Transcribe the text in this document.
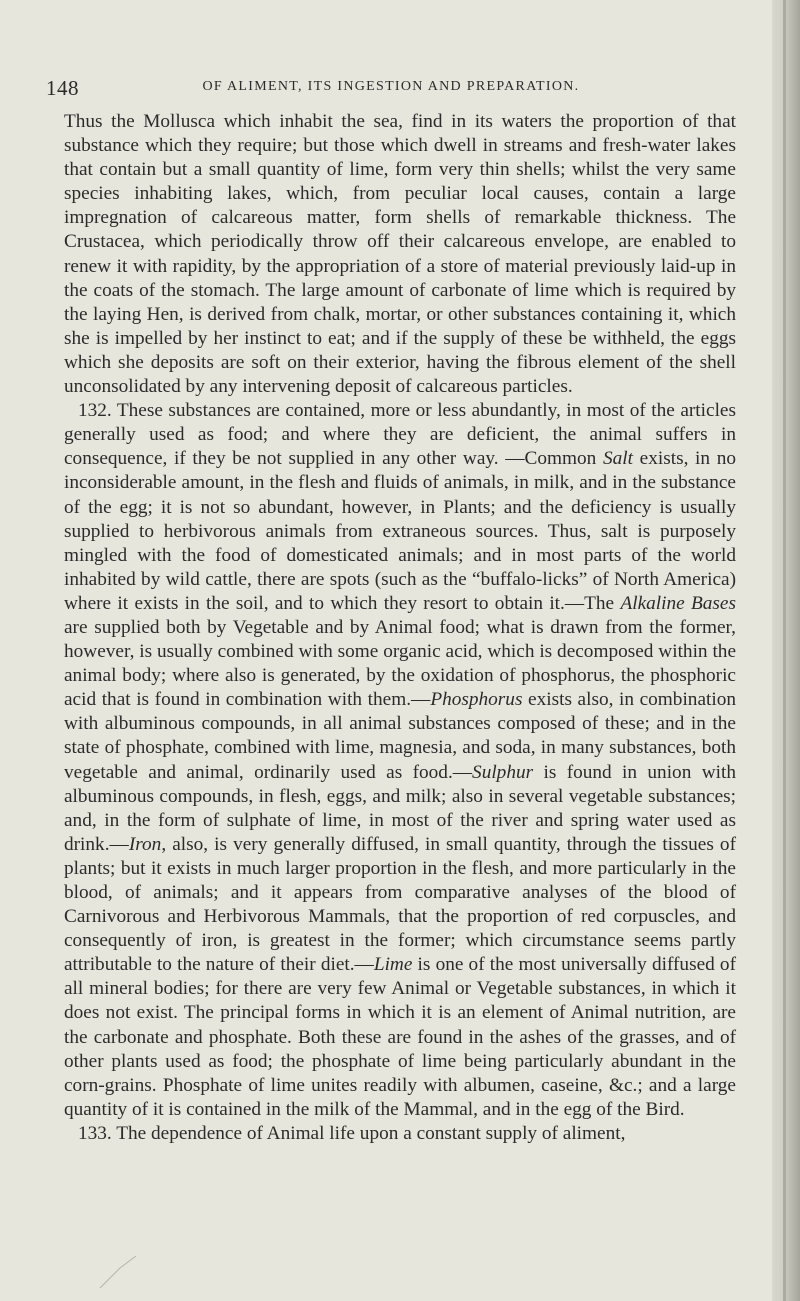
148	OF ALIMENT, ITS INGESTION AND PREPARATION.

Thus the Mollusca which inhabit the sea, find in its waters the proportion of that substance which they require; but those which dwell in streams and fresh-water lakes that contain but a small quantity of lime, form very thin shells; whilst the very same species inhabiting lakes, which, from peculiar local causes, contain a large impregnation of calcareous matter, form shells of remarkable thickness. The Crustacea, which periodically throw off their calcareous envelope, are enabled to renew it with rapidity, by the appropriation of a store of material previously laid-up in the coats of the stomach. The large amount of carbonate of lime which is required by the laying Hen, is derived from chalk, mortar, or other substances containing it, which she is impelled by her instinct to eat; and if the supply of these be withheld, the eggs which she deposits are soft on their exterior, having the fibrous element of the shell unconsolidated by any intervening deposit of calcareous particles.

132. These substances are contained, more or less abundantly, in most of the articles generally used as food; and where they are deficient, the animal suffers in consequence, if they be not supplied in any other way. —Common Salt exists, in no inconsiderable amount, in the flesh and fluids of animals, in milk, and in the substance of the egg; it is not so abundant, however, in Plants; and the deficiency is usually supplied to herbivorous animals from extraneous sources. Thus, salt is purposely mingled with the food of domesticated animals; and in most parts of the world inhabited by wild cattle, there are spots (such as the “buffalo-licks” of North America) where it exists in the soil, and to which they resort to obtain it.—The Alkaline Bases are supplied both by Vegetable and by Animal food; what is drawn from the former, however, is usually combined with some organic acid, which is decomposed within the animal body; where also is generated, by the oxidation of phosphorus, the phosphoric acid that is found in combination with them.—Phosphorus exists also, in combination with albuminous compounds, in all animal substances composed of these; and in the state of phosphate, combined with lime, magnesia, and soda, in many substances, both vegetable and animal, ordinarily used as food.—Sulphur is found in union with albuminous compounds, in flesh, eggs, and milk; also in several vegetable substances; and, in the form of sulphate of lime, in most of the river and spring water used as drink.—Iron, also, is very generally diffused, in small quantity, through the tissues of plants; but it exists in much larger proportion in the flesh, and more particularly in the blood, of animals; and it appears from comparative analyses of the blood of Carnivorous and Herbivorous Mammals, that the proportion of red corpuscles, and consequently of iron, is greatest in the former; which circumstance seems partly attributable to the nature of their diet.—Lime is one of the most universally diffused of all mineral bodies; for there are very few Animal or Vegetable substances, in which it does not exist. The principal forms in which it is an element of Animal nutrition, are the carbonate and phosphate. Both these are found in the ashes of the grasses, and of other plants used as food; the phosphate of lime being particularly abundant in the corn-grains. Phosphate of lime unites readily with albumen, caseine, &c.; and a large quantity of it is contained in the milk of the Mammal, and in the egg of the Bird.

133. The dependence of Animal life upon a constant supply of aliment,
